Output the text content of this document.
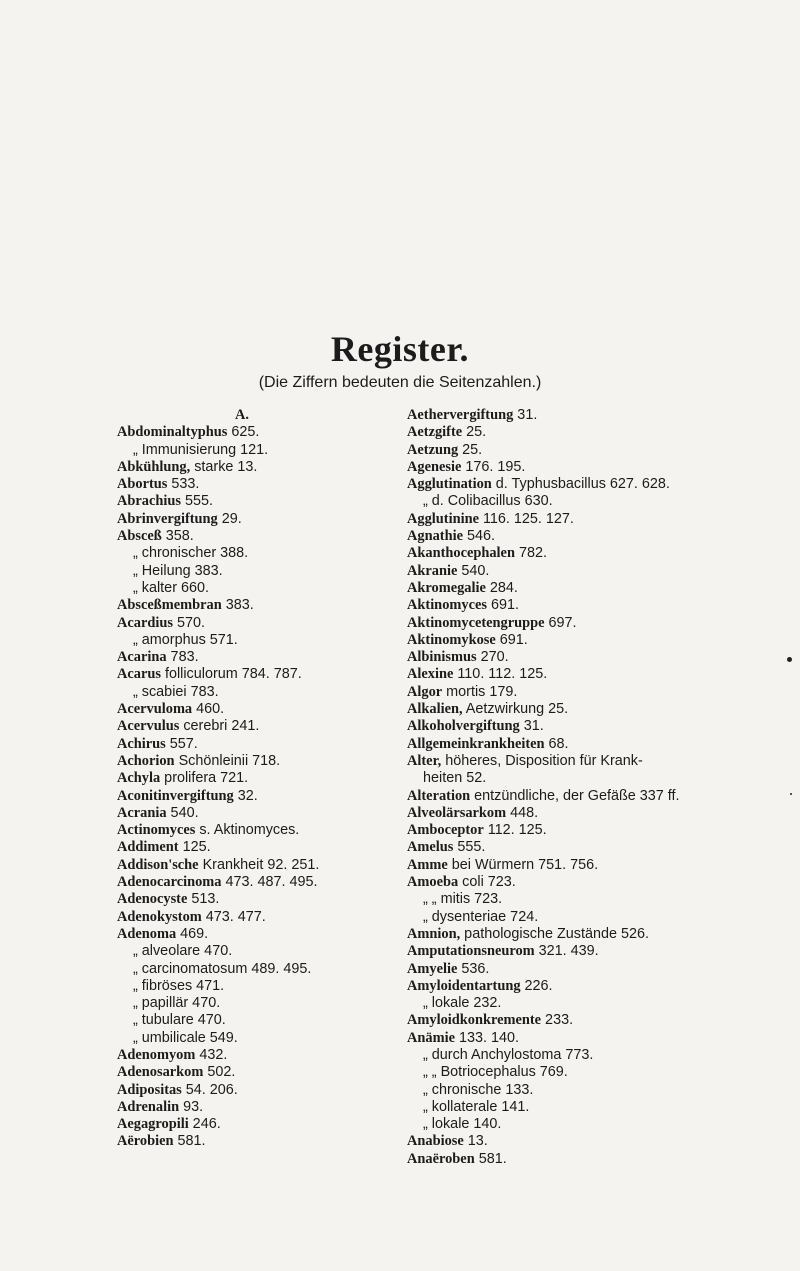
Register.
(Die Ziffern bedeuten die Seitenzahlen.)
A.
Abdominaltyphus 625.
„ Immunisierung 121.
Abkühlung, starke 13.
Abortus 533.
Abrachius 555.
Abrinvergiftung 29.
Absceß 358.
„ chronischer 388.
„ Heilung 383.
„ kalter 660.
Absceßmembran 383.
Acardius 570.
„ amorphus 571.
Acarina 783.
Acarus folliculorum 784. 787.
„ scabiei 783.
Acervuloma 460.
Acervulus cerebri 241.
Achirus 557.
Achorion Schönleinii 718.
Achyla prolifera 721.
Aconitinvergiftung 32.
Acrania 540.
Actinomyces s. Aktinomyces.
Addiment 125.
Addison'sche Krankheit 92. 251.
Adenocarcinoma 473. 487. 495.
Adenocyste 513.
Adenokystom 473. 477.
Adenoma 469.
„ alveolare 470.
„ carcinomatosum 489. 495.
„ fibröses 471.
„ papillär 470.
„ tubulare 470.
„ umbilicale 549.
Adenomyom 432.
Adenosarkom 502.
Adipositas 54. 206.
Adrenalin 93.
Aegagropili 246.
Aërobien 581.
Aethervergiftung 31.
Aetzgifte 25.
Aetzung 25.
Agenesie 176. 195.
Agglutination d. Typhusbacillus 627. 628.
„ d. Colibacillus 630.
Agglutinine 116. 125. 127.
Agnathie 546.
Akanthocephalen 782.
Akranie 540.
Akromegalie 284.
Aktinomyces 691.
Aktinomycetengruppe 697.
Aktinomykose 691.
Albinismus 270.
Alexine 110. 112. 125.
Algor mortis 179.
Alkalien, Aetzwirkung 25.
Alkoholvergiftung 31.
Allgemeinkrankheiten 68.
Alter, höheres, Disposition für Krank-
heiten 52.
Alteration entzündliche, der Gefäße 337 ff.
Alveolärsarkom 448.
Amboceptor 112. 125.
Amelus 555.
Amme bei Würmern 751. 756.
Amoeba coli 723.
„ „ mitis 723.
„ dysenteriae 724.
Amnion, pathologische Zustände 526.
Amputationsneurom 321. 439.
Amyelie 536.
Amyloidentartung 226.
„ lokale 232.
Amyloidkonkremente 233.
Anämie 133. 140.
„ durch Anchylostoma 773.
„ „ Botriocephalus 769.
„ chronische 133.
„ kollaterale 141.
„ lokale 140.
Anabiose 13.
Anaëroben 581.
